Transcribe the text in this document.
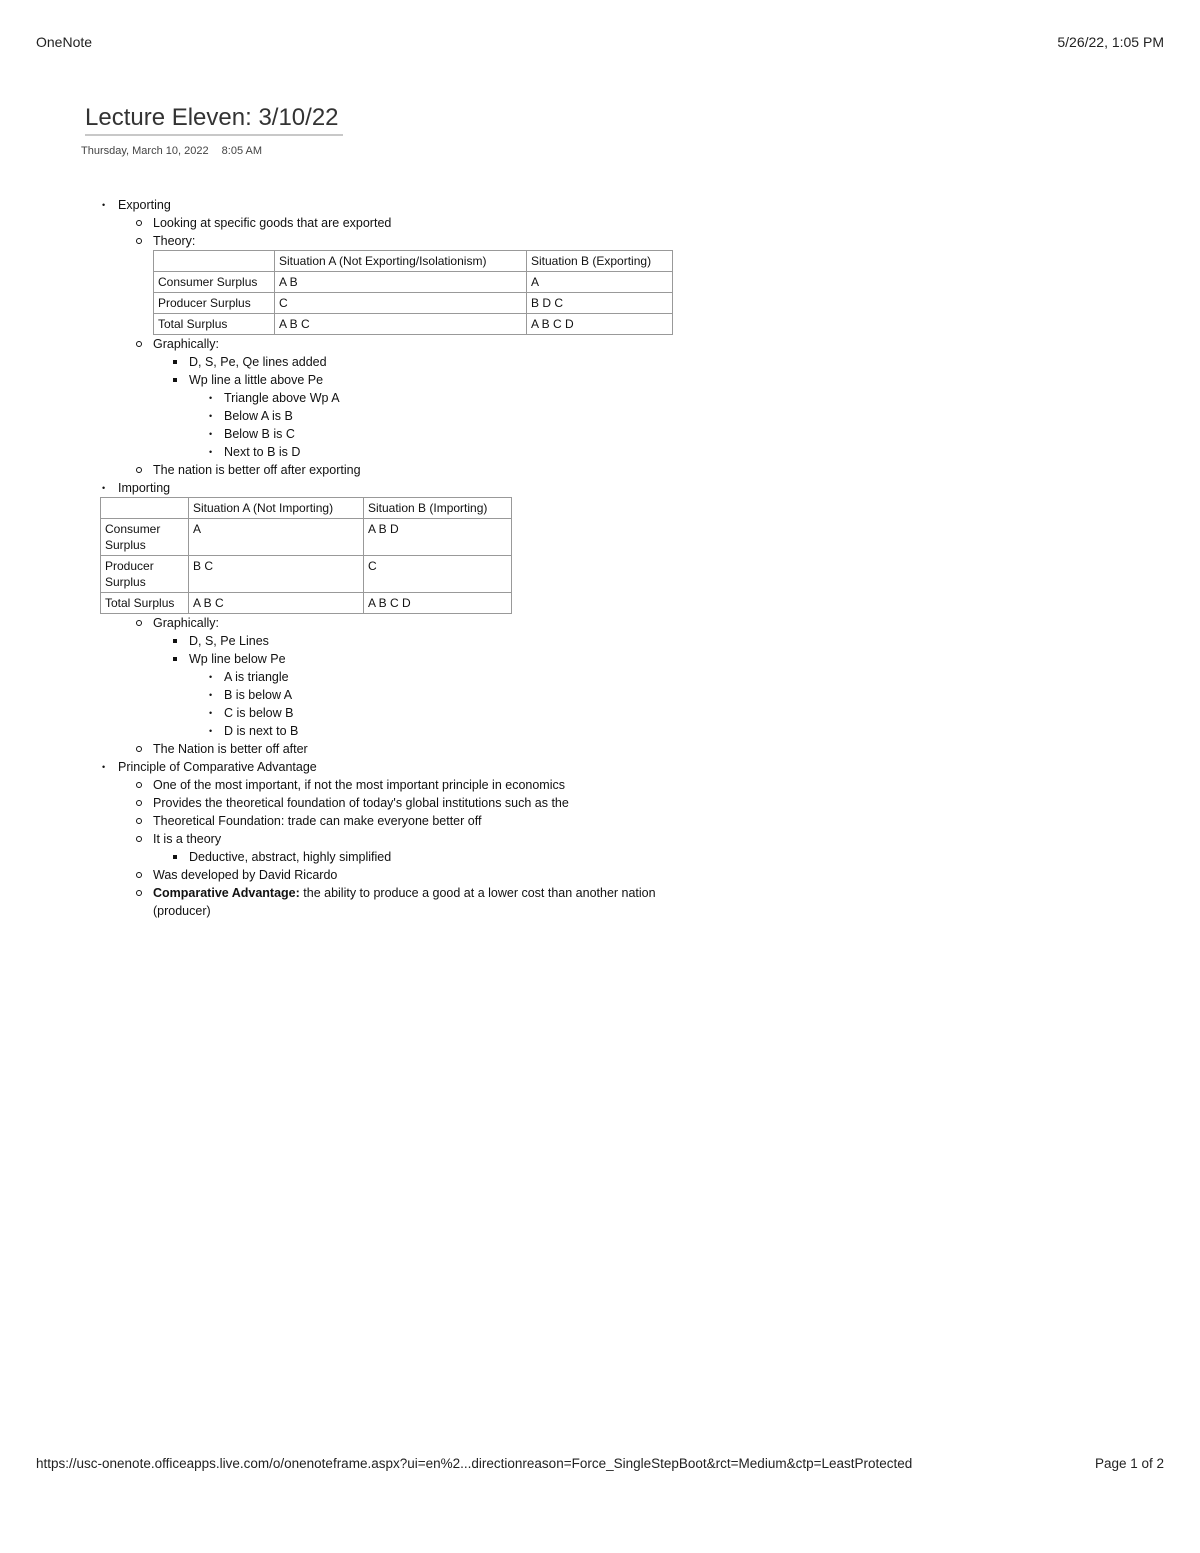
OneNote	5/26/22, 1:05 PM
Lecture Eleven: 3/10/22
Thursday, March 10, 2022 8:05 AM
• Exporting
Looking at specific goods that are exported
Theory:
	Situation A (Not Exporting/Isolationism)	Situation B (Exporting)
Consumer Surplus	A B	A
Producer Surplus	C	B D C
Total Surplus	A B C	A B C D
Graphically:
D, S, Pe, Qe lines added
Wp line a little above Pe
• Triangle above Wp A
• Below A is B
• Below B is C
• Next to B is D
The nation is better off after exporting
• Importing
	Situation A (Not Importing)	Situation B (Importing)
Consumer Surplus	A	A B D
Producer Surplus	B C	C
Total Surplus	A B C	A B C D
Graphically:
D, S, Pe Lines
Wp line below Pe
• A is triangle
• B is below A
• C is below B
• D is next to B
The Nation is better off after
• Principle of Comparative Advantage
One of the most important, if not the most important principle in economics
Provides the theoretical foundation of today's global institutions such as the
Theoretical Foundation: trade can make everyone better off
It is a theory
Deductive, abstract, highly simplified
Was developed by David Ricardo
Comparative Advantage: the ability to produce a good at a lower cost than another nation (producer)
https://usc-onenote.officeapps.live.com/o/onenoteframe.aspx?ui=en%2...directionreason=Force_SingleStepBoot&rct=Medium&ctp=LeastProtected	Page 1 of 2
